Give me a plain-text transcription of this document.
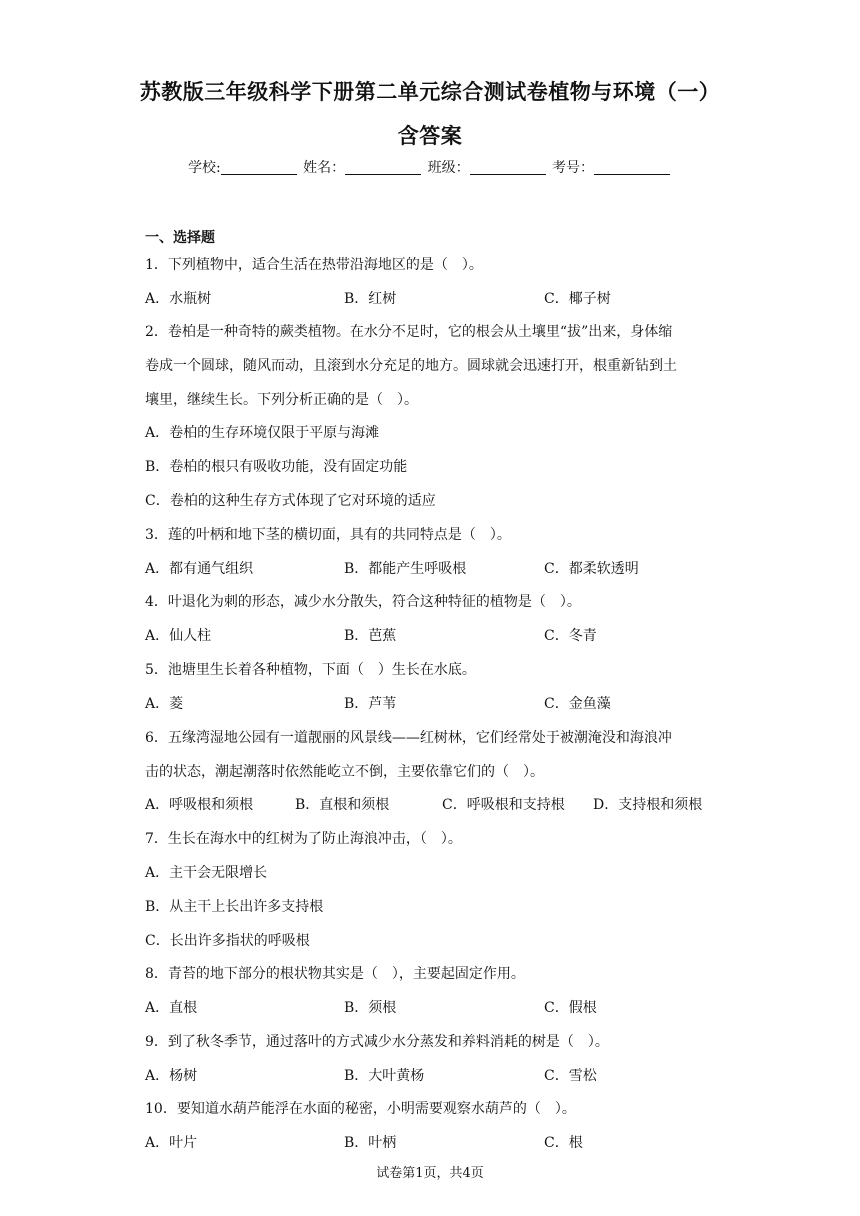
苏教版三年级科学下册第二单元综合测试卷植物与环境（一）
含答案
学校:	姓名：	班级：	考号：
一、选择题
1．下列植物中，适合生活在热带沿海地区的是（　）。
A．水瓶树	B．红树	C．椰子树
2．卷柏是一种奇特的蕨类植物。在水分不足时，它的根会从土壤里“拔”出来，身体缩
卷成一个圆球，随风而动，且滚到水分充足的地方。圆球就会迅速打开，根重新钻到土
壤里，继续生长。下列分析正确的是（　）。
A．卷柏的生存环境仅限于平原与海滩
B．卷柏的根只有吸收功能，没有固定功能
C．卷柏的这种生存方式体现了它对环境的适应
3．莲的叶柄和地下茎的横切面，具有的共同特点是（　）。
A．都有通气组织	B．都能产生呼吸根	C．都柔软透明
4．叶退化为刺的形态，减少水分散失，符合这种特征的植物是（　）。
A．仙人柱	B．芭蕉	C．冬青
5．池塘里生长着各种植物，下面（　）生长在水底。
A．菱	B．芦苇	C．金鱼藻
6．五缘湾湿地公园有一道靓丽的风景线——红树林，它们经常处于被潮淹没和海浪冲
击的状态，潮起潮落时依然能屹立不倒，主要依靠它们的（　）。
A．呼吸根和须根	B．直根和须根	C．呼吸根和支持根 D．支持根和须根
7．生长在海水中的红树为了防止海浪冲击，（　）。
A．主干会无限增长
B．从主干上长出许多支持根
C．长出许多指状的呼吸根
8．青苔的地下部分的根状物其实是（　），主要起固定作用。
A．直根	B．须根	C．假根
9．到了秋冬季节，通过落叶的方式减少水分蒸发和养料消耗的树是（　）。
A．杨树	B．大叶黄杨	C．雪松
10．要知道水葫芦能浮在水面的秘密，小明需要观察水葫芦的（　）。
A．叶片	B．叶柄	C．根
试卷第1页，共4页
